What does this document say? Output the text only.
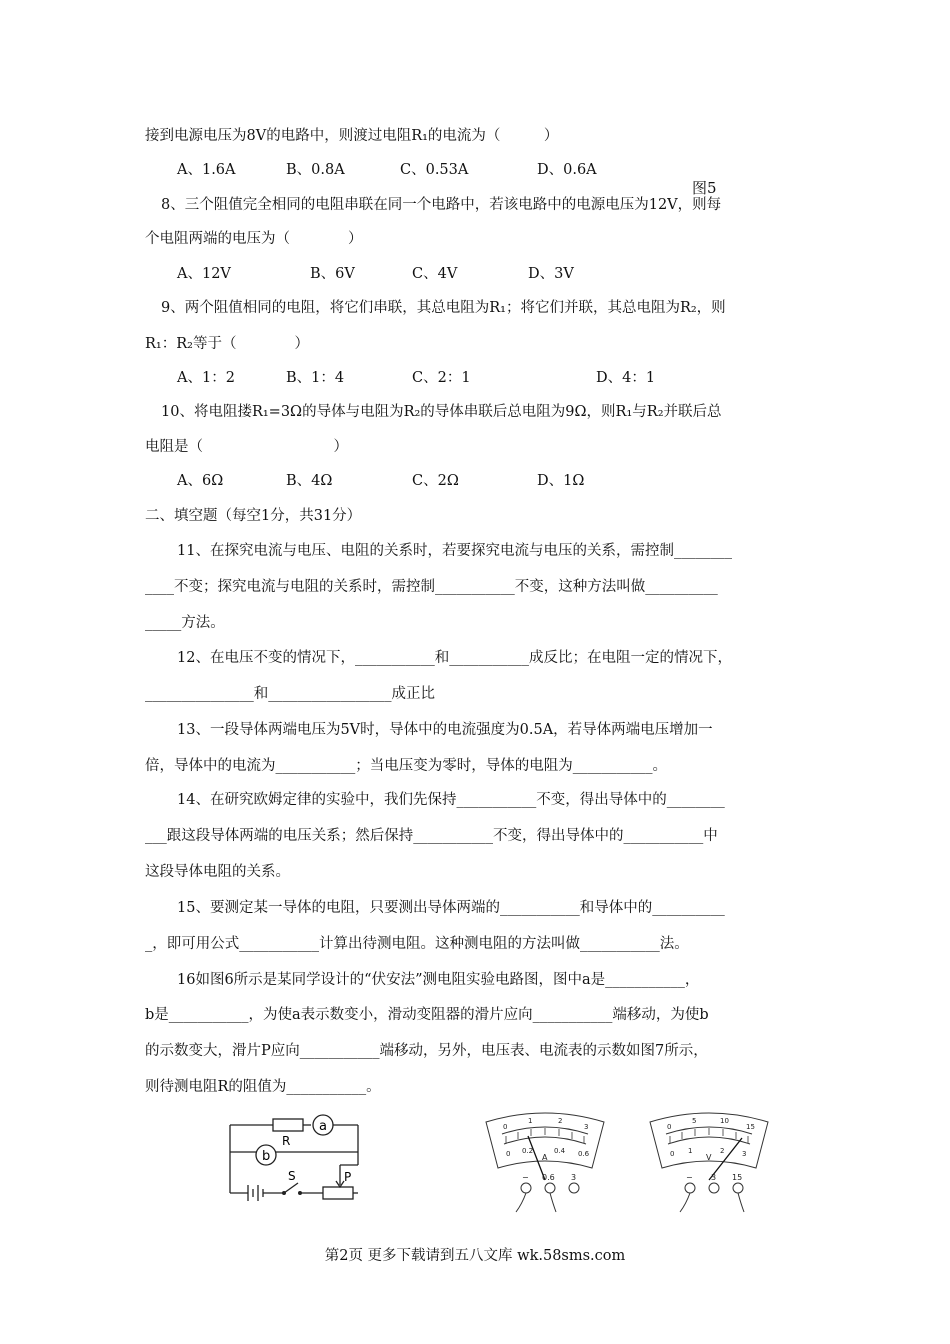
接到电源电压为8V的电路中，则渡过电阻R₁的电流为（　　　）
A、1.6A	B、0.8A	C、0.53A	D、0.6A
图5
8、三个阻值完全相同的电阻串联在同一个电路中，若该电路中的电源电压为12V，则每
个电阻两端的电压为（　　　　）
A、12V	B、6V	C、4V	D、3V
9、两个阻值相同的电阻，将它们串联，其总电阻为R₁；将它们并联，其总电阻为R₂，则
R₁：R₂等于（　　　　）
A、1：2	B、1：4	C、2：1	D、4：1
10、将电阻搂R₁=3Ω的导体与电阻为R₂的导体串联后总电阻为9Ω，则R₁与R₂并联后总
电阻是（　　　　　　　　　）
A、6Ω	B、4Ω	C、2Ω	D、1Ω
二、填空题（每空1分，共31分）
11、在探究电流与电压、电阻的关系时，若要探究电流与电压的关系，需控制________
____不变；探究电流与电阻的关系时，需控制___________不变，这种方法叫做__________
_____方法。
12、在电压不变的情况下，___________和___________成反比；在电阻一定的情况下，
_______________和_________________成正比
13、一段导体两端电压为5V时，导体中的电流强度为0.5A，若导体两端电压增加一
倍，导体中的电流为___________；当电压变为零时，导体的电阻为___________。
14、在研究欧姆定律的实验中，我们先保持___________不变，得出导体中的________
___跟这段导体两端的电压关系；然后保持___________不变，得出导体中的___________中
这段导体电阻的关系。
15、要测定某一导体的电阻，只要测出导体两端的___________和导体中的__________
_，即可用公式___________计算出待测电阻。这种测电阻的方法叫做___________法。
16如图6所示是某同学设计的“伏安法”测电阻实验电路图，图中a是___________，
b是___________，为使a表示数变小，滑动变阻器的滑片应向___________端移动，为使b
的示数变大，滑片P应向___________端移动，另外，电压表、电流表的示数如图7所示，
则待测电阻R的阻值为___________。
a
b
R
S	P
0
1	2
3
0 0.2	0.4 0.6
A
− 0.6 3
0
5	10
15
0 1	2	3
V
− 3 15
第2页 更多下载请到五八文库 wk.58sms.com
